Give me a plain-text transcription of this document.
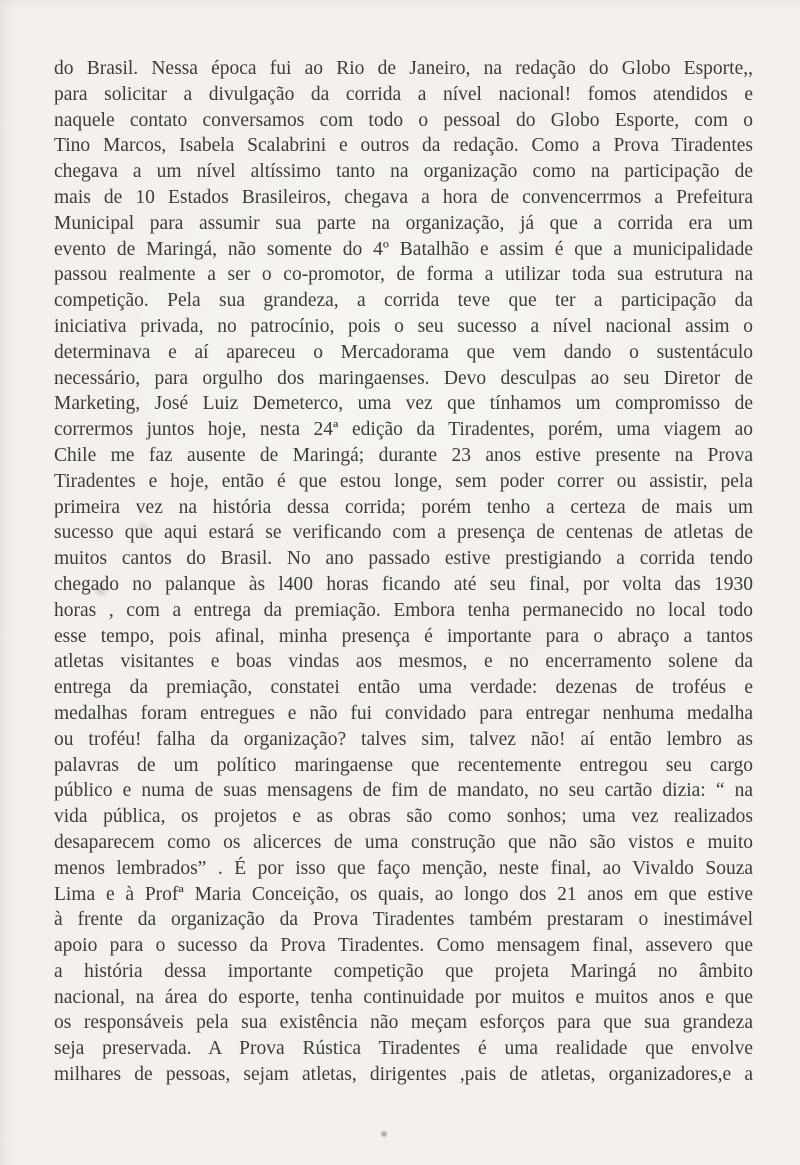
do Brasil. Nessa época fui ao Rio de Janeiro, na redação do Globo Esporte,,
para solicitar a divulgação da corrida a nível nacional! fomos atendidos e
naquele contato conversamos com todo o pessoal do Globo Esporte, com o
Tino Marcos, Isabela Scalabrini e outros da redação. Como a Prova Tiradentes
chegava a um nível altíssimo tanto na organização como na participação de
mais de 10 Estados Brasileiros, chegava a hora de convencerrmos a Prefeitura
Municipal para assumir sua parte na organização, já que a corrida era um
evento de Maringá, não somente do 4º Batalhão e assim é que a municipalidade
passou realmente a ser o co-promotor, de forma a utilizar toda sua estrutura na
competição. Pela sua grandeza, a corrida teve que ter a participação da
iniciativa privada, no patrocínio, pois o seu sucesso a nível nacional assim o
determinava e aí apareceu o Mercadorama que vem dando o sustentáculo
necessário, para orgulho dos maringaenses. Devo desculpas ao seu Diretor de
Marketing, José Luiz Demeterco, uma vez que tínhamos um compromisso de
corrermos juntos hoje, nesta 24ª edição da Tiradentes, porém, uma viagem ao
Chile me faz ausente de Maringá; durante 23 anos estive presente na Prova
Tiradentes e hoje, então é que estou longe, sem poder correr ou assistir, pela
primeira vez na história dessa corrida; porém tenho a certeza de mais um
sucesso que aqui estará se verificando com a presença de centenas de atletas de
muitos cantos do Brasil. No ano passado estive prestigiando a corrida tendo
chegado no palanque às l400 horas ficando até seu final, por volta das 1930
horas , com a entrega da premiação. Embora tenha permanecido no local todo
esse tempo, pois afinal, minha presença é importante para o abraço a tantos
atletas visitantes e boas vindas aos mesmos, e no encerramento solene da
entrega da premiação, constatei então uma verdade: dezenas de troféus e
medalhas foram entregues e não fui convidado para entregar nenhuma medalha
ou troféu! falha da organização? talves sim, talvez não! aí então lembro as
palavras de um político maringaense que recentemente entregou seu cargo
público e numa de suas mensagens de fim de mandato, no seu cartão dizia: “ na
vida pública, os projetos e as obras são como sonhos; uma vez realizados
desaparecem como os alicerces de uma construção que não são vistos e muito
menos lembrados” . É por isso que faço menção, neste final, ao Vivaldo Souza
Lima e à Profª Maria Conceição, os quais, ao longo dos 21 anos em que estive
à frente da organização da Prova Tiradentes também prestaram o inestimável
apoio para o sucesso da Prova Tiradentes. Como mensagem final, assevero que
a história dessa importante competição que projeta Maringá no âmbito
nacional, na área do esporte, tenha continuidade por muitos e muitos anos e que
os responsáveis pela sua existência não meçam esforços para que sua grandeza
seja preservada. A Prova Rústica Tiradentes é uma realidade que envolve
milhares de pessoas, sejam atletas, dirigentes ,pais de atletas, organizadores,e a
